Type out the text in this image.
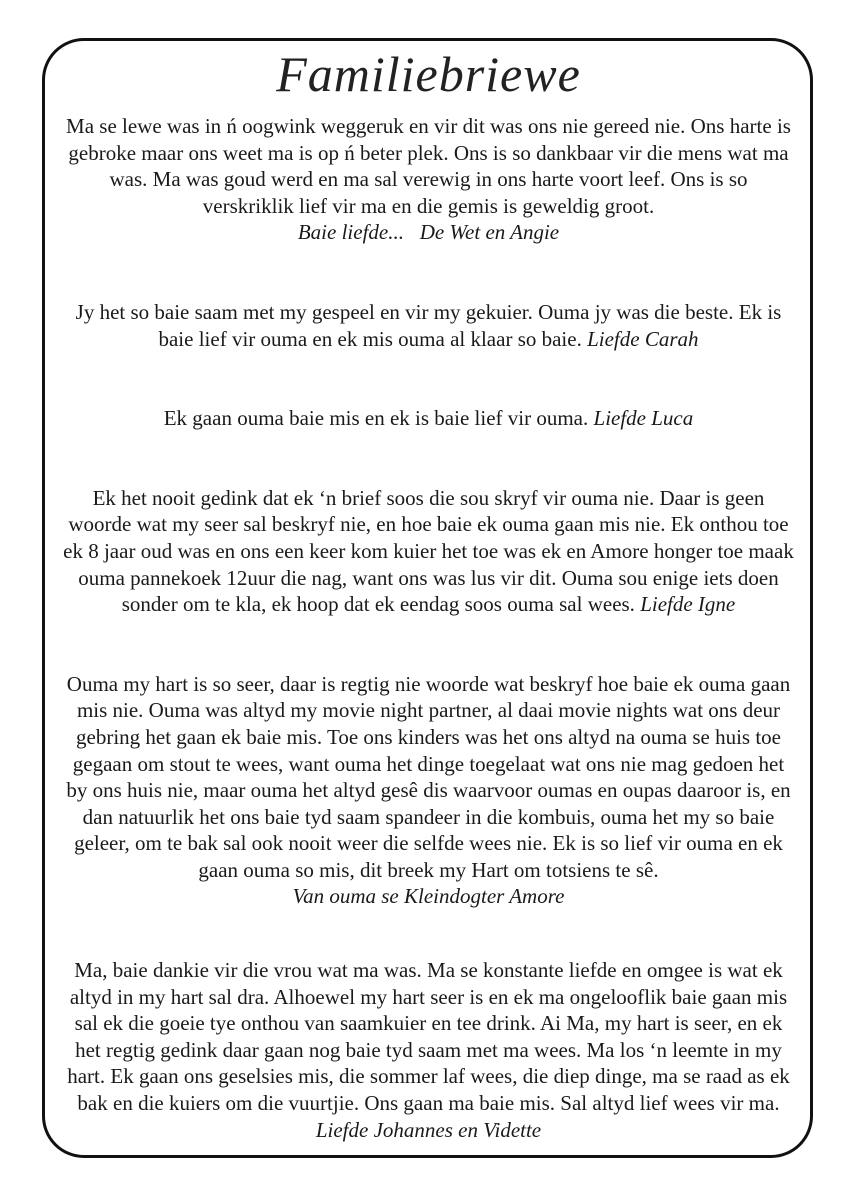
Familiebriewe
Ma se lewe was in ń oogwink weggeruk en vir dit was ons nie gereed nie. Ons harte is gebroke maar ons weet ma is op ń beter plek. Ons is so dankbaar vir die mens wat ma was. Ma was goud werd en ma sal verewig in ons harte voort leef. Ons is so verskriklik lief vir ma en die gemis is geweldig groot.
Baie liefde...   De Wet en Angie
Jy het so baie saam met my gespeel en vir my gekuier. Ouma jy was die beste. Ek is baie lief vir ouma en ek mis ouma al klaar so baie. Liefde Carah
Ek gaan ouma baie mis en ek is baie lief vir ouma. Liefde Luca
Ek het nooit gedink dat ek ‘n brief soos die sou skryf vir ouma nie. Daar is geen woorde wat my seer sal beskryf nie, en hoe baie ek ouma gaan mis nie. Ek onthou toe ek 8 jaar oud was en ons een keer kom kuier het toe was ek en Amore honger toe maak ouma pannekoek 12uur die nag, want ons was lus vir dit. Ouma sou enige iets doen sonder om te kla, ek hoop dat ek eendag soos ouma sal wees. Liefde Igne
Ouma my hart is so seer, daar is regtig nie woorde wat beskryf hoe baie ek ouma gaan mis nie. Ouma was altyd my movie night partner, al daai movie nights wat ons deur gebring het gaan ek baie mis. Toe ons kinders was het ons altyd na ouma se huis toe gegaan om stout te wees, want ouma het dinge toegelaat wat ons nie mag gedoen het by ons huis nie, maar ouma het altyd gesê dis waarvoor oumas en oupas daaroor is, en dan natuurlik het ons baie tyd saam spandeer in die kombuis, ouma het my so baie geleer, om te bak sal ook nooit weer die selfde wees nie. Ek is so lief vir ouma en ek gaan ouma so mis, dit breek my Hart om totsiens te sê.
Van ouma se Kleindogter Amore
Ma, baie dankie vir die vrou wat ma was. Ma se konstante liefde en omgee is wat ek altyd in my hart sal dra. Alhoewel my hart seer is en ek ma ongelooflik baie gaan mis sal ek die goeie tye onthou van saamkuier en tee drink. Ai Ma, my hart is seer, en ek het regtig gedink daar gaan nog baie tyd saam met ma wees. Ma los ‘n leemte in my hart. Ek gaan ons geselsies mis, die sommer laf wees, die diep dinge, ma se raad as ek bak en die kuiers om die vuurtjie. Ons gaan ma baie mis. Sal altyd lief wees vir ma.
Liefde Johannes en Vidette
